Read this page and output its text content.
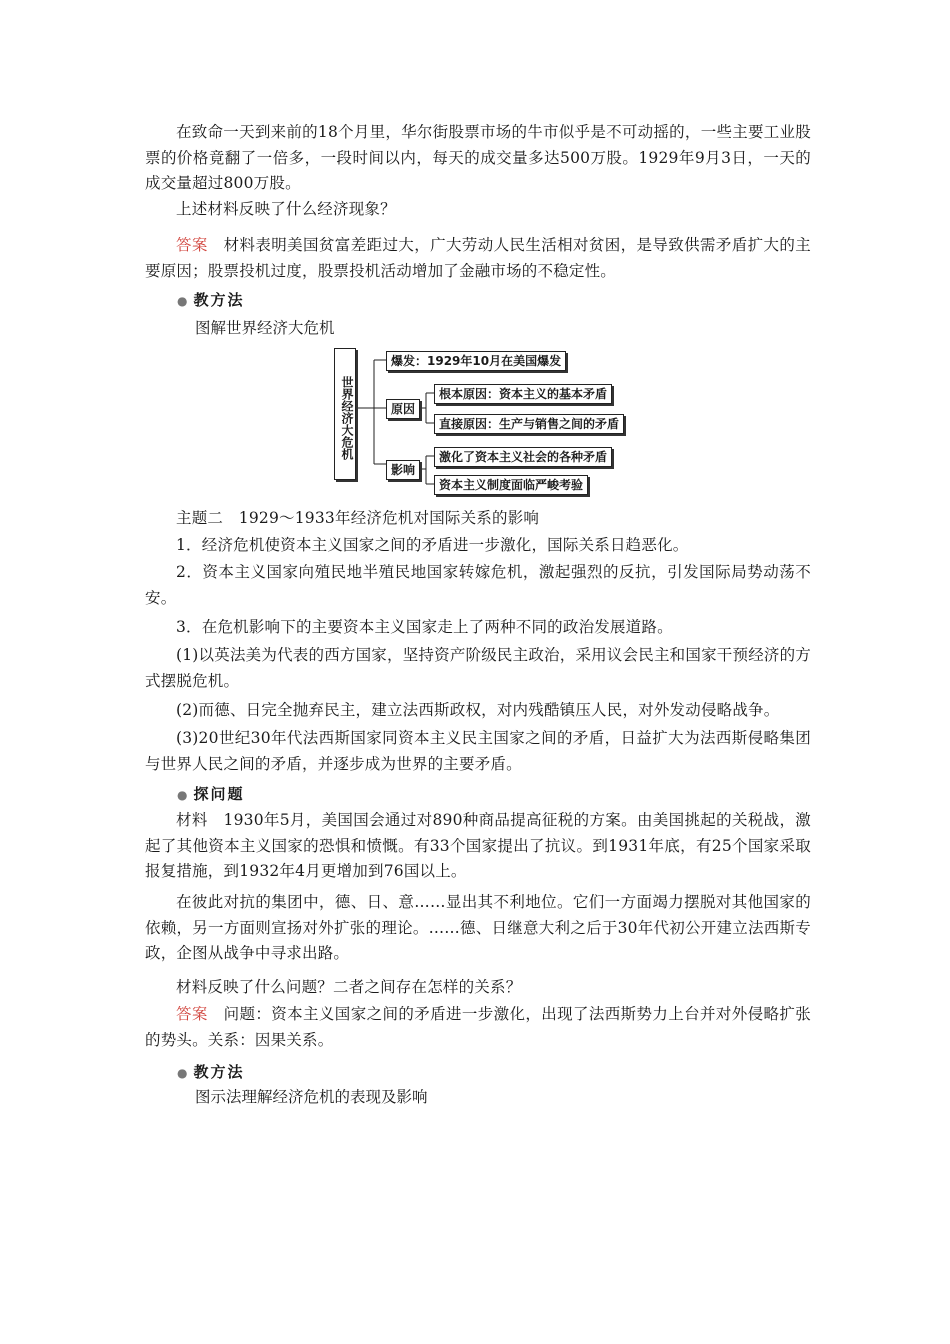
在致命一天到来前的18个月里，华尔街股票市场的牛市似乎是不可动摇的，一些主要工业股票的价格竟翻了一倍多，一段时间以内，每天的成交量多达500万股。1929年9月3日，一天的成交量超过800万股。

上述材料反映了什么经济现象？

答案　 材料表明美国贫富差距过大，广大劳动人民生活相对贫困，是导致供需矛盾扩大的主要原因；股票投机过度，股票投机活动增加了金融市场的不稳定性。

● 教方法
图解世界经济大危机
世界经济大危机
爆发：1929年10月在美国爆发
原因
根本原因：资本主义的基本矛盾
直接原因：生产与销售之间的矛盾
影响
激化了资本主义社会的各种矛盾
资本主义制度面临严峻考验

主题二　1929～1933年经济危机对国际关系的影响

1．经济危机使资本主义国家之间的矛盾进一步激化，国际关系日趋恶化。

2．资本主义国家向殖民地半殖民地国家转嫁危机，激起强烈的反抗，引发国际局势动荡不安。

3．在危机影响下的主要资本主义国家走上了两种不同的政治发展道路。

(1)以英法美为代表的西方国家，坚持资产阶级民主政治，采用议会民主和国家干预经济的方式摆脱危机。

(2)而德、日完全抛弃民主，建立法西斯政权，对内残酷镇压人民，对外发动侵略战争。

(3)20世纪30年代法西斯国家同资本主义民主国家之间的矛盾，日益扩大为法西斯侵略集团与世界人民之间的矛盾，并逐步成为世界的主要矛盾。

● 探问题

材料　 1930年5月，美国国会通过对890种商品提高征税的方案。由美国挑起的关税战，激起了其他资本主义国家的恐惧和愤慨。有33个国家提出了抗议。到1931年底，有25个国家采取报复措施，到1932年4月更增加到76国以上。

在彼此对抗的集团中，德、日、意……显出其不利地位。它们一方面竭力摆脱对其他国家的依赖，另一方面则宣扬对外扩张的理论。……德、日继意大利之后于30年代初公开建立法西斯专政，企图从战争中寻求出路。

材料反映了什么问题？二者之间存在怎样的关系？

答案　 问题：资本主义国家之间的矛盾进一步激化，出现了法西斯势力上台并对外侵略扩张的势头。关系：因果关系。

● 教方法
图示法理解经济危机的表现及影响
